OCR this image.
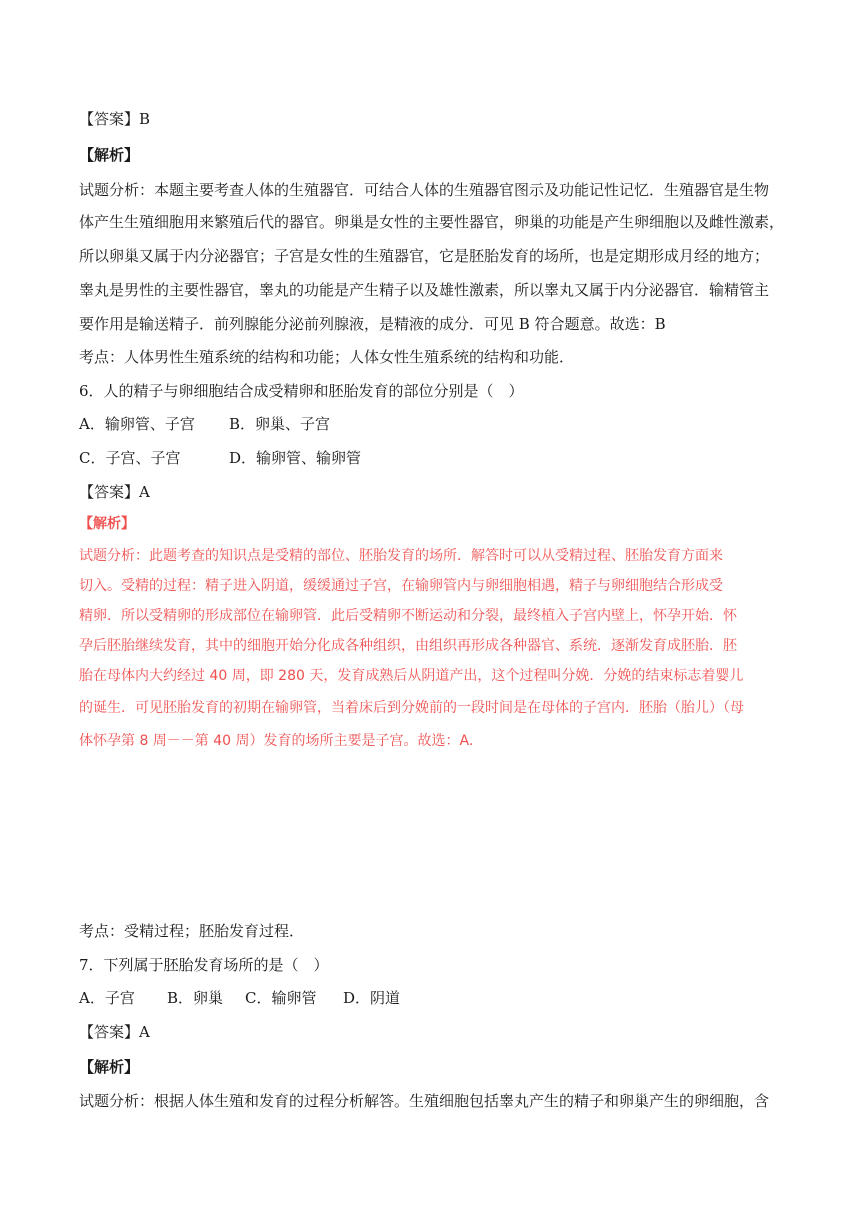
【答案】B
【解析】
试题分析：本题主要考查人体的生殖器官．可结合人体的生殖器官图示及功能记性记忆．生殖器官是生物
体产生生殖细胞用来繁殖后代的器官。卵巢是女性的主要性器官，卵巢的功能是产生卵细胞以及雌性激素，
所以卵巢又属于内分泌器官；子宫是女性的生殖器官，它是胚胎发育的场所，也是定期形成月经的地方；
睾丸是男性的主要性器官，睾丸的功能是产生精子以及雄性激素，所以睾丸又属于内分泌器官．输精管主
要作用是输送精子．前列腺能分泌前列腺液，是精液的成分．可见 B 符合题意。故选：B
考点：人体男性生殖系统的结构和功能；人体女性生殖系统的结构和功能．
6．人的精子与卵细胞结合成受精卵和胚胎发育的部位分别是（　）
A．输卵管、子宫 B．卵巢、子宫
C．子宫、子宫	D．输卵管、输卵管
【答案】A
【解析】
试题分析：此题考查的知识点是受精的部位、胚胎发育的场所．解答时可以从受精过程、胚胎发育方面来
切入。受精的过程：精子进入阴道，缓缓通过子宫，在输卵管内与卵细胞相遇，精子与卵细胞结合形成受
精卵．所以受精卵的形成部位在输卵管．此后受精卵不断运动和分裂，最终植入子宫内壁上，怀孕开始．怀
孕后胚胎继续发育，其中的细胞开始分化成各种组织，由组织再形成各种器官、系统．逐渐发育成胚胎．胚
胎在母体内大约经过 40 周，即 280 天，发育成熟后从阴道产出，这个过程叫分娩．分娩的结束标志着婴儿
的诞生．可见胚胎发育的初期在输卵管，当着床后到分娩前的一段时间是在母体的子宫内．胚胎（胎儿）（母
体怀孕第 8 周－－第 40 周）发育的场所主要是子宫。故选：A.
考点：受精过程；胚胎发育过程．
7．下列属于胚胎发育场所的是（　）
A．子宫 B．卵巢 C．输卵管 D．阴道
【答案】A
【解析】
试题分析：根据人体生殖和发育的过程分析解答。生殖细胞包括睾丸产生的精子和卵巢产生的卵细胞，含
